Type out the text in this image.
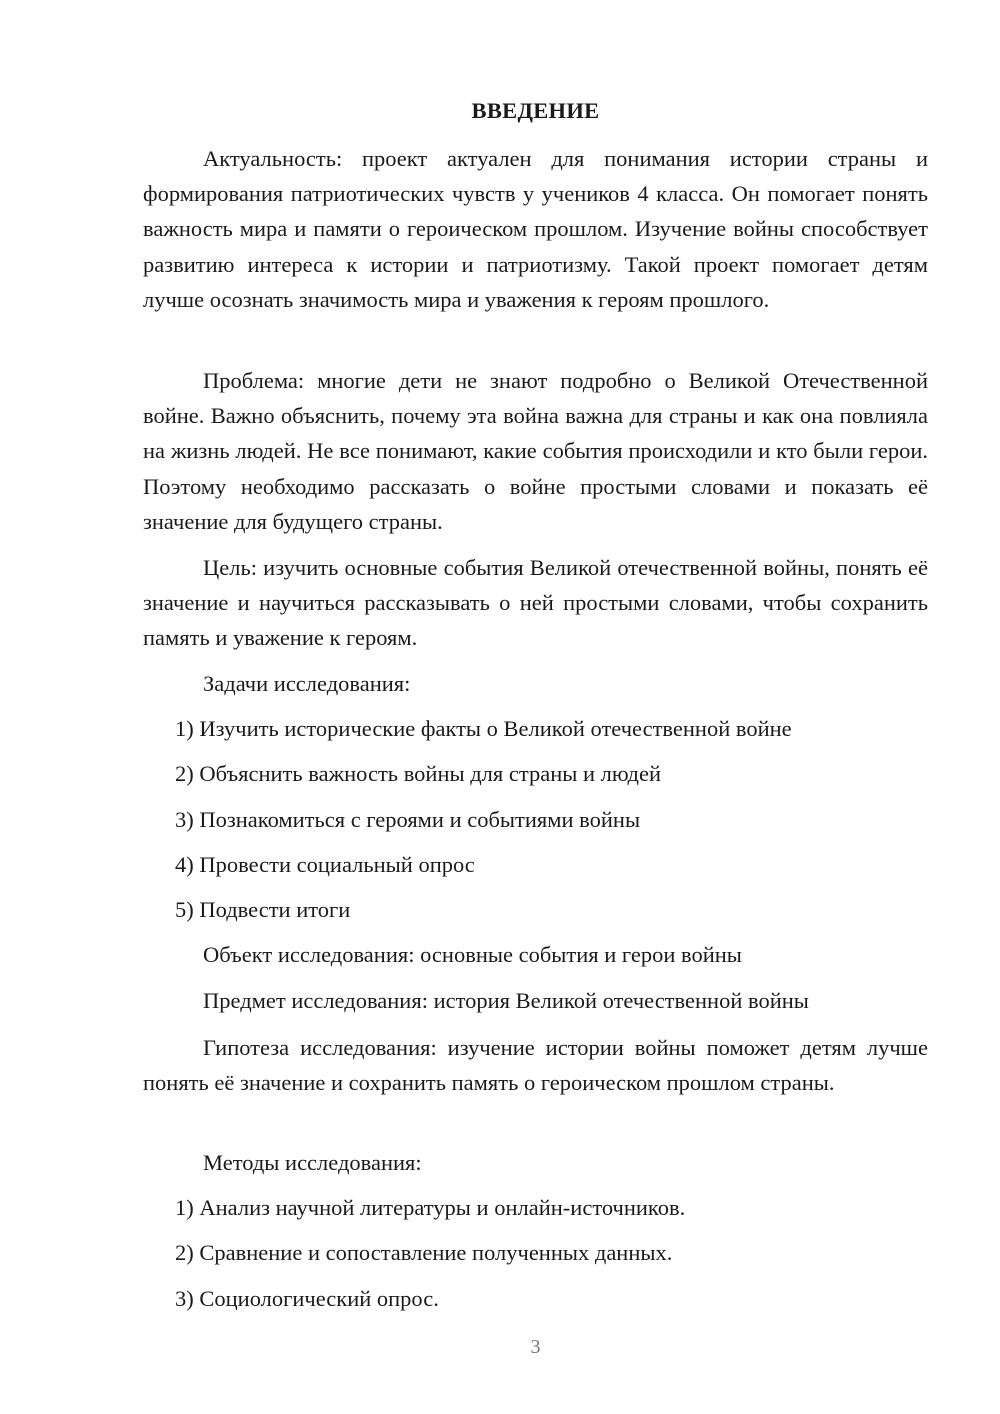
ВВЕДЕНИЕ

Актуальность: проект актуален для понимания истории страны и формирования патриотических чувств у учеников 4 класса. Он помогает понять важность мира и памяти о героическом прошлом. Изучение войны способствует развитию интереса к истории и патриотизму. Такой проект помогает детям лучше осознать значимость мира и уважения к героям прошлого.

Проблема: многие дети не знают подробно о Великой Отечественной войне. Важно объяснить, почему эта война важна для страны и как она повлияла на жизнь людей. Не все понимают, какие события происходили и кто были герои. Поэтому необходимо рассказать о войне простыми словами и показать её значение для будущего страны.

Цель: изучить основные события Великой отечественной войны, понять её значение и научиться рассказывать о ней простыми словами, чтобы сохранить память и уважение к героям.

Задачи исследования:
1) Изучить исторические факты о Великой отечественной войне
2) Объяснить важность войны для страны и людей
3) Познакомиться с героями и событиями войны
4) Провести социальный опрос
5) Подвести итоги
Объект исследования: основные события и герои войны
Предмет исследования: история Великой отечественной войны

Гипотеза исследования: изучение истории войны поможет детям лучше понять её значение и сохранить память о героическом прошлом страны.

Методы исследования:
1) Анализ научной литературы и онлайн-источников.
2) Сравнение и сопоставление полученных данных.
3) Социологический опрос.
3
